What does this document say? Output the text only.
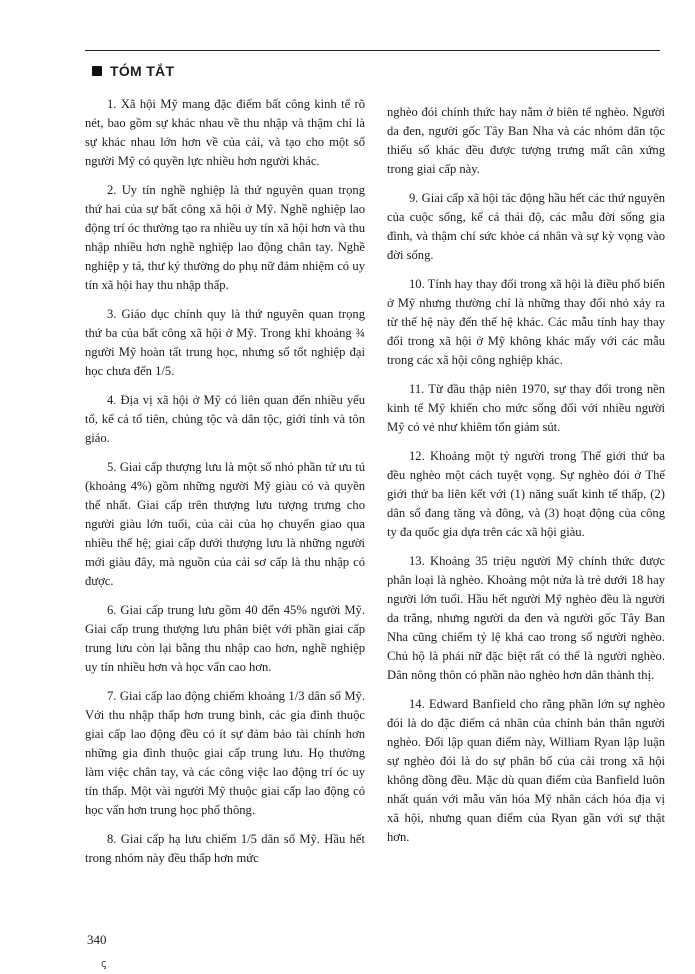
TÓM TẮT

1. Xã hội Mỹ mang đặc điểm bất công kinh tế rõ nét, bao gồm sự khác nhau về thu nhập và thậm chí là sự khác nhau lớn hơn về của cải, và tạo cho một số người Mỹ có quyền lực nhiều hơn người khác.

2. Uy tín nghề nghiệp là thứ nguyên quan trọng thứ hai của sự bất công xã hội ở Mỹ. Nghề nghiệp lao động trí óc thường tạo ra nhiều uy tín xã hội hơn và thu nhập nhiều hơn nghề nghiệp lao động chân tay. Nghề nghiệp y tá, thư ký thường do phụ nữ đảm nhiệm có uy tín xã hội hay thu nhập thấp.

3. Giáo dục chính quy là thứ nguyên quan trọng thứ ba của bất công xã hội ở Mỹ. Trong khi khoảng ¾ người Mỹ hoàn tất trung học, nhưng số tốt nghiệp đại học chưa đến 1/5.

4. Địa vị xã hội ở Mỹ có liên quan đến nhiều yếu tố, kể cả tổ tiên, chủng tộc và dân tộc, giới tính và tôn giáo.

5. Giai cấp thượng lưu là một số nhỏ phần tử ưu tú (khoảng 4%) gồm những người Mỹ giàu có và quyền thế nhất. Giai cấp trên thượng lưu tượng trưng cho người giàu lớn tuổi, của cải của họ chuyển giao qua nhiều thế hệ; giai cấp dưới thượng lưu là những người mới giàu đây, mà nguồn của cải sơ cấp là thu nhập có được.

6. Giai cấp trung lưu gồm 40 đến 45% người Mỹ. Giai cấp trung thượng lưu phân biệt với phần giai cấp trung lưu còn lại bằng thu nhập cao hơn, nghề nghiệp uy tín nhiều hơn và học vấn cao hơn.

7. Giai cấp lao động chiếm khoảng 1/3 dân số Mỹ. Với thu nhập thấp hơn trung bình, các gia đình thuộc giai cấp lao động đều có ít sự đảm bảo tài chính hơn những gia đình thuộc giai cấp trung lưu. Họ thường làm việc chân tay, và các công việc lao động trí óc uy tín thấp. Một vài người Mỹ thuộc giai cấp lao động có học vấn hơn trung học phổ thông.

8. Giai cấp hạ lưu chiếm 1/5 dân số Mỹ. Hầu hết trong nhóm này đều thấp hơn mức

nghèo đói chính thức hay nằm ở biên tế nghèo. Người da đen, người gốc Tây Ban Nha và các nhóm dân tộc thiểu số khác đều được tượng trưng mất cân xứng trong giai cấp này.

9. Giai cấp xã hội tác động hầu hết các thứ nguyên của cuộc sống, kể cả thái độ, các mẫu đời sống gia đình, và thậm chí sức khỏe cá nhân và sự kỳ vọng vào đời sống.

10. Tính hay thay đổi trong xã hội là điều phổ biến ở Mỹ nhưng thường chỉ là những thay đổi nhỏ xảy ra từ thế hệ này đến thế hệ khác. Các mẫu tính hay thay đổi trong xã hội ở Mỹ không khác mấy với các mẫu trong các xã hội công nghiệp khác.

11. Từ đầu thập niên 1970, sự thay đổi trong nền kinh tế Mỹ khiến cho mức sống đối với nhiều người Mỹ có vẻ như khiêm tốn giảm sút.

12. Khoảng một tỷ người trong Thế giới thứ ba đều nghèo một cách tuyệt vọng. Sự nghèo đói ở Thế giới thứ ba liên kết với (1) năng suất kinh tế thấp, (2) dân số đang tăng và đông, và (3) hoạt động của công ty đa quốc gia dựa trên các xã hội giàu.

13. Khoảng 35 triệu người Mỹ chính thức được phân loại là nghèo. Khoảng một nửa là trẻ dưới 18 hay người lớn tuổi. Hầu hết người Mỹ nghèo đều là người da trắng, nhưng người da đen và người gốc Tây Ban Nha cũng chiếm tỷ lệ khá cao trong số người nghèo. Chủ hộ là phái nữ đặc biệt rất có thể là người nghèo. Dân nông thôn có phần nào nghèo hơn dân thành thị.

14. Edward Banfield cho rằng phần lớn sự nghèo đói là do đặc điểm cá nhân của chính bản thân người nghèo. Đối lập quan điểm này, William Ryan lập luận sự nghèo đói là do sự phân bố của cải trong xã hội không đồng đều. Mặc dù quan điểm của Banfield luôn nhất quán với mẫu văn hóa Mỹ nhân cách hóa địa vị xã hội, nhưng quan điểm của Ryan gần với sự thật hơn.

340
ꞔ
